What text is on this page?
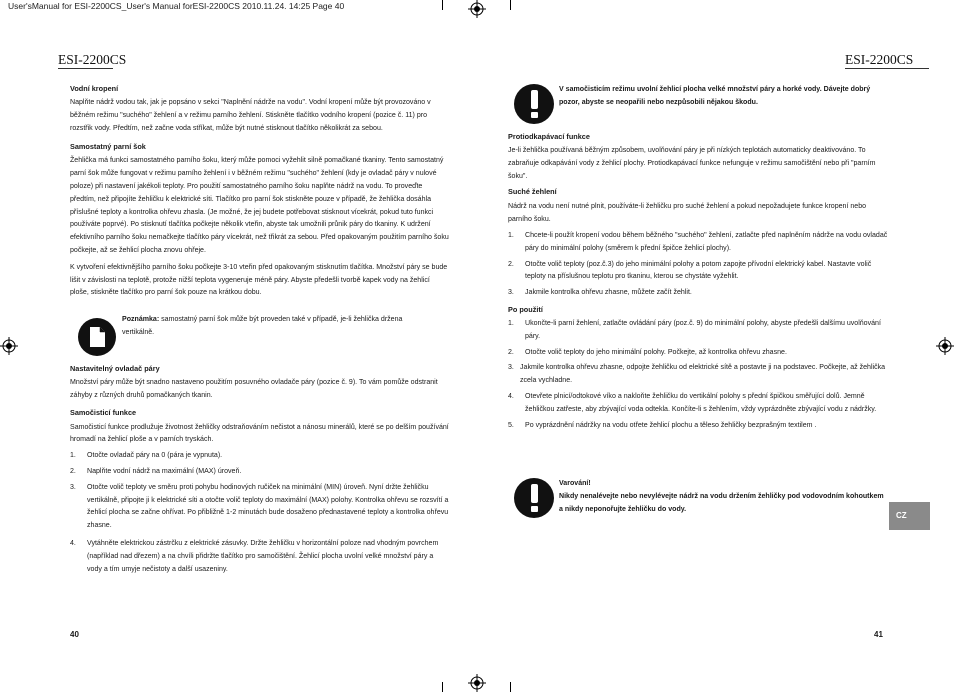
User'sManual for ESI-2200CS_User's Manual forESI-2200CS 2010.11.24. 14:25 Page 40
ESI-2200CS
Vodní kropení

Naplňte nádrž vodou tak, jak je popsáno v sekci "Naplnění nádrže na vodu". Vodní kropení může být provozováno v běžném režimu "suchého" žehlení a v režimu parního žehlení. Stiskněte tlačítko vodního kropení (pozice č. 11) pro rozstřik vody. Předtím, než začne voda stříkat, může být nutné stisknout tlačítko několikrát za sebou.

Samostatný parní šok

Žehlička má funkci samostatného parního šoku, který může pomoci vyžehlit silně pomačkané tkaniny. Tento samostatný parní šok může fungovat v režimu parního žehlení i v běžném režimu "suchého" žehlení (kdy je ovladač páry v nulové poloze) při nastavení jakékoli teploty. Pro použití samostatného parního šoku naplňte nádrž na vodu. To proveďte předtím, než připojíte žehličku k elektrické síti. Tlačítko pro parní šok stiskněte pouze v případě, že žehlička dosáhla příslušné teploty a kontrolka ohřevu zhasla. (Je možné, že jej budete potřebovat stisknout vícekrát, pokud tuto funkci používáte poprvé). Po stisknutí tlačítka počkejte několik vteřin, abyste tak umožnili průnik páry do tkaniny. K udržení efektivního parního šoku nemačkejte tlačítko páry vícekrát, než třikrát za sebou. Před opakovaným použitím parního šoku počkejte, až se žehlicí plocha znovu ohřeje.

K vytvoření efektivnějšího parního šoku počkejte 3-10 vteřin před opakovaným stisknutím tlačítka. Množství páry se bude lišit v závislosti na teplotě, protože nižší teplota vygeneruje méně páry. Abyste předešli tvorbě kapek vody na žehlicí ploše, stiskněte tlačítko pro parní šok pouze na krátkou dobu.

Poznámka: samostatný parní šok může být proveden také v případě, je-li žehlička držena vertikálně.

Nastavitelný ovladač páry

Množství páry může být snadno nastaveno použitím posuvného ovladače páry (pozice č. 9). To vám pomůže odstranit záhyby z různých druhů pomačkaných tkanin.

Samočisticí funkce

Samočisticí funkce prodlužuje životnost žehličky odstraňováním nečistot a nánosu minerálů, které se po delším používání hromadí na žehlicí ploše a v parních tryskách.

1.	Otočte ovladač páry na 0 (pára je vypnuta).

2.	Naplňte vodní nádrž na maximální (MAX) úroveň.

3.	Otočte volič teploty ve směru proti pohybu hodinových ručiček na minimální (MIN) úroveň. Nyní držte žehličku vertikálně, připojte ji k elektrické síti a otočte volič teploty do maximální (MAX) polohy. Kontrolka ohřevu se rozsvítí a žehlicí plocha se začne ohřívat. Po přibližně 1-2 minutách bude dosaženo přednastavené teploty a kontrolka ohřevu zhasne.

4.	Vytáhněte elektrickou zástrčku z elektrické zásuvky. Držte žehličku v horizontální poloze nad vhodným povrchem (například nad dřezem) a na chvíli přidržte tlačítko pro samočištění. Žehlicí plocha uvolní velké množství páry a vody a tím umyje nečistoty a další usazeniny.

40
ESI-2200CS

V samočisticím režimu uvolní žehlicí plocha velké množství páry a horké vody. Dávejte dobrý pozor, abyste se neopařili nebo nezpůsobili nějakou škodu.

Protiodkapávací funkce

Je-li žehlička používaná běžným způsobem, uvolňování páry je při nízkých teplotách automaticky deaktivováno. To zabraňuje odkapávání vody z žehlicí plochy. Protiodkapávací funkce nefunguje v režimu samočištění nebo při "parním šoku".

Suché žehlení

Nádrž na vodu není nutné plnit, používáte-li žehličku pro suché žehlení a pokud nepožadujete funkce kropení nebo parního šoku.

1.	Chcete-li použít kropení vodou během běžného "suchého" žehlení, zatlačte před naplněním nádrže na vodu ovladač páry do minimální polohy (směrem k přední špičce žehlicí plochy).

2.	Otočte volič teploty (poz.č.3) do jeho minimální polohy a potom zapojte přívodní elektrický kabel. Nastavte volič teploty na příslušnou teplotu pro tkaninu, kterou se chystáte vyžehlit.

3.	Jakmile kontrolka ohřevu zhasne, můžete začít žehlit.

Po použití
1.	Ukončte-li parní žehlení, zatlačte ovládání páry (poz.č. 9) do minimální polohy, abyste předešli dalšímu uvolňování páry.

2.	Otočte volič teploty do jeho minimální polohy. Počkejte, až kontrolka ohřevu zhasne.

3. Jakmile kontrolka ohřevu zhasne, odpojte žehličku od elektrické sítě a postavte ji na podstavec. Počkejte, až žehlička zcela vychladne.

4.	Otevřete plnicí/odtokové víko a nakloňte žehličku do vertikální polohy s přední špičkou směřující dolů. Jemně žehličkou zatřeste, aby zbývající voda odtekla. Končíte-li s žehlením, vždy vyprázdněte zbývající vodu z nádržky.

5.	Po vyprázdnění nádržky na vodu otřete žehlicí plochu a těleso žehličky bezprašným textilem .

Varování!

Nikdy nenalévejte nebo nevylévejte nádrž na vodu držením žehličky pod vodovodním kohoutkem a nikdy neponořujte žehličku do vody.

CZ
41
